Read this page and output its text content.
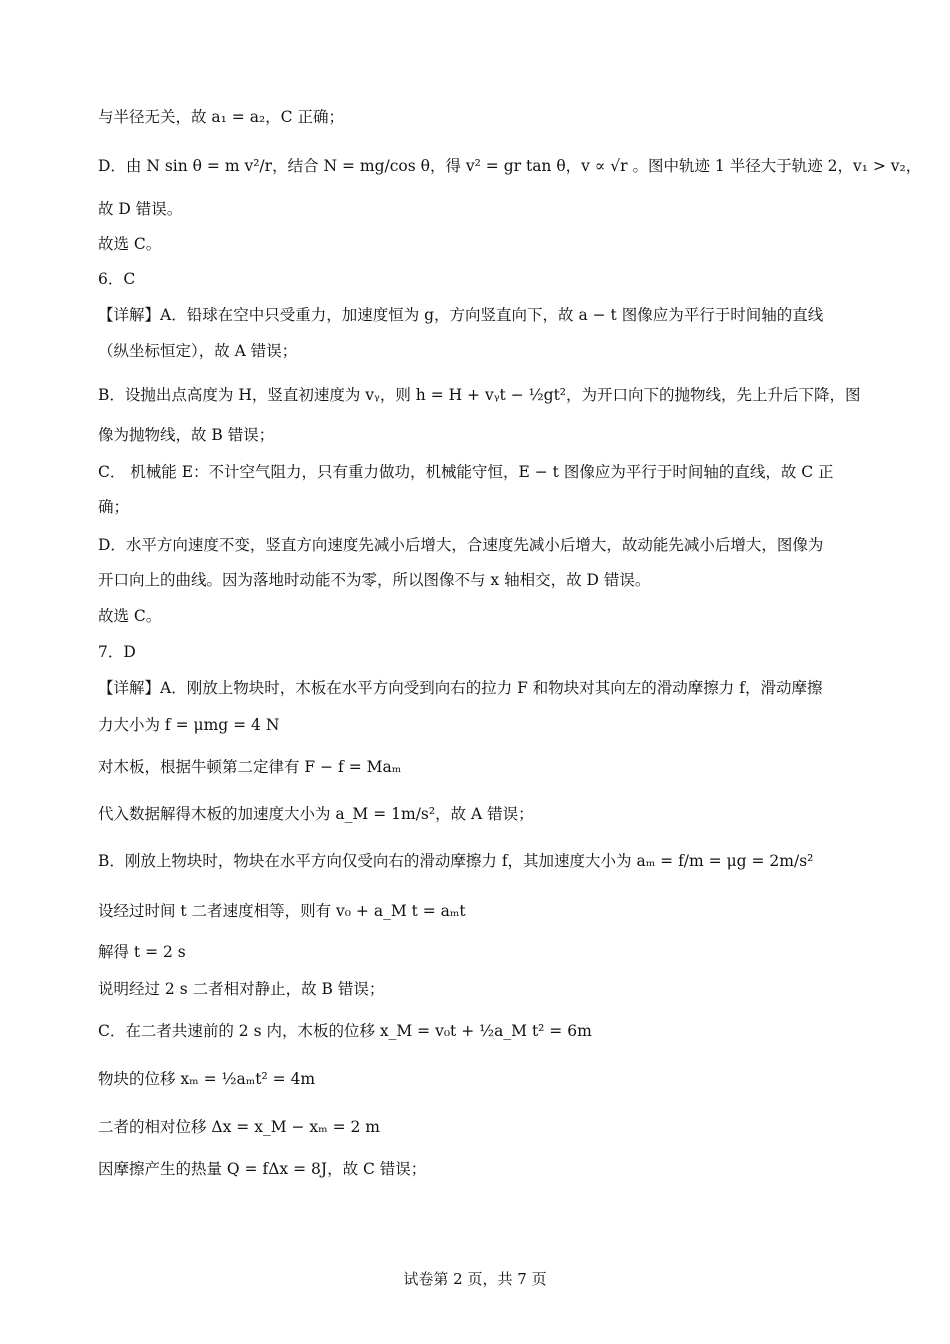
与半径无关，故 a₁ = a₂，C 正确；
D．由 N sin θ = m v²/r，结合 N = mg/cos θ，得 v² = gr tan θ，v ∝ √r 。图中轨迹 1 半径大于轨迹 2，v₁ > v₂，
故 D 错误。
故选 C。
6．C
【详解】A．铅球在空中只受重力，加速度恒为 g，方向竖直向下，故 a − t 图像应为平行于时间轴的直线
（纵坐标恒定），故 A 错误；
B．设抛出点高度为 H，竖直初速度为 vᵧ，则 h = H + vᵧt − ½gt²，为开口向下的抛物线，先上升后下降，图
像为抛物线，故 B 错误；
C． 机械能 E：不计空气阻力，只有重力做功，机械能守恒，E − t 图像应为平行于时间轴的直线，故 C 正
确；
D．水平方向速度不变，竖直方向速度先减小后增大，合速度先减小后增大，故动能先减小后增大，图像为
开口向上的曲线。因为落地时动能不为零，所以图像不与 x 轴相交，故 D 错误。
故选 C。
7．D
【详解】A．刚放上物块时，木板在水平方向受到向右的拉力 F 和物块对其向左的滑动摩擦力 f，滑动摩擦
力大小为 f = μmg = 4 N
对木板，根据牛顿第二定律有 F − f = Maₘ
代入数据解得木板的加速度大小为 a_M = 1m/s²，故 A 错误；
B．刚放上物块时，物块在水平方向仅受向右的滑动摩擦力 f，其加速度大小为 aₘ = f/m = μg = 2m/s²
设经过时间 t 二者速度相等，则有 v₀ + a_M t = aₘt
解得 t = 2 s
说明经过 2 s 二者相对静止，故 B 错误；
C．在二者共速前的 2 s 内，木板的位移 x_M = v₀t + ½a_M t² = 6m
物块的位移 xₘ = ½aₘt² = 4m
二者的相对位移 Δx = x_M − xₘ = 2 m
因摩擦产生的热量 Q = fΔx = 8J，故 C 错误；
试卷第 2 页，共 7 页
